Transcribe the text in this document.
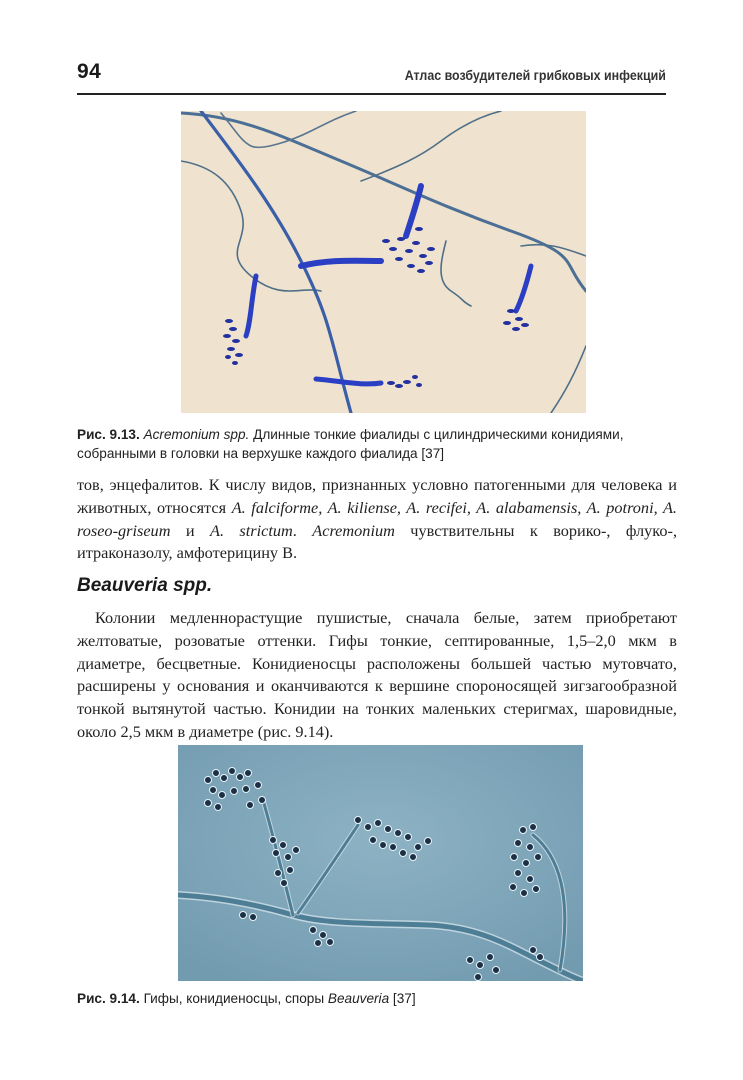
94	Атлас возбудителей грибковых инфекций
Рис. 9.13. Acremonium spp. Длинные тонкие фиалиды с цилиндрическими конидиями, собранными в головки на верхушке каждого фиалида [37]

тов, энцефалитов. К числу видов, признанных условно патогенными для человека и животных, относятся A. falciforme, A. kiliense, A. recifei, A. alabamensis, A. potroni, A. roseo-griseum и A. strictum. Acremonium чувствительны к ворико-, флуко-, итраконазолу, амфотерицину В.

Beauveria spp.

Колонии медленнорастущие пушистые, сначала белые, затем приобретают желтоватые, розоватые оттенки. Гифы тонкие, септированные, 1,5–2,0 мкм в диаметре, бесцветные. Конидиеносцы расположены большей частью мутовчато, расширены у основания и оканчиваются к вершине спороносящей зигзагообразной тонкой вытянутой частью. Конидии на тонких маленьких стеригмах, шаровидные, около 2,5 мкм в диаметре (рис. 9.14).

Рис. 9.14. Гифы, конидиеносцы, споры Beauveria [37]
